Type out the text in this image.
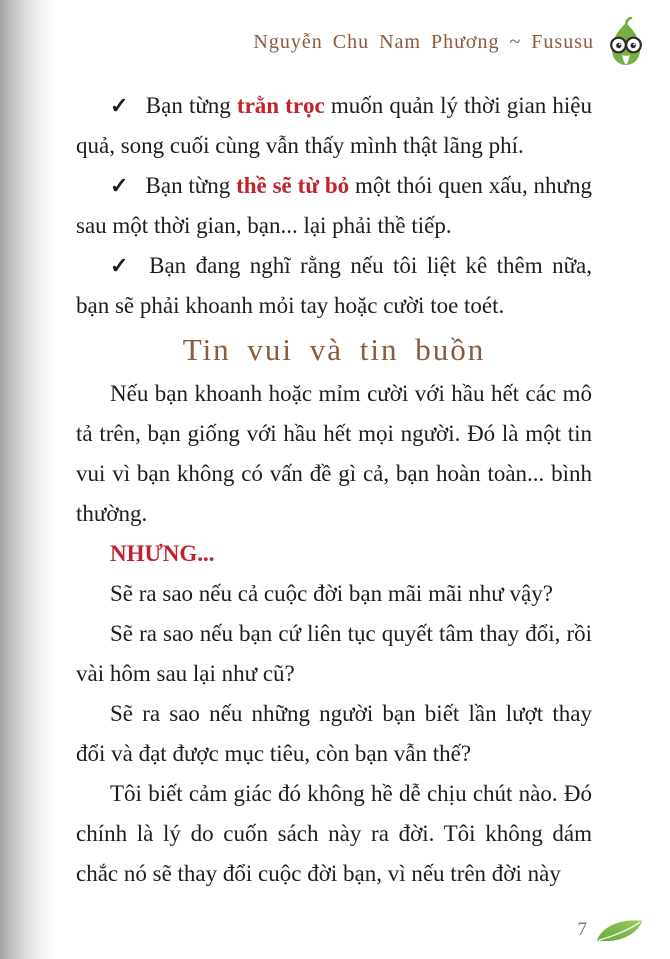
Nguyễn Chu Nam Phương ~ Fususu

✓ Bạn từng trằn trọc muốn quản lý thời gian hiệu quả, song cuối cùng vẫn thấy mình thật lãng phí.

✓ Bạn từng thề sẽ từ bỏ một thói quen xấu, nhưng sau một thời gian, bạn... lại phải thề tiếp.

✓ Bạn đang nghĩ rằng nếu tôi liệt kê thêm nữa, bạn sẽ phải khoanh mỏi tay hoặc cười toe toét.

Tin vui và tin buồn

Nếu bạn khoanh hoặc mỉm cười với hầu hết các mô tả trên, bạn giống với hầu hết mọi người. Đó là một tin vui vì bạn không có vấn đề gì cả, bạn hoàn toàn... bình thường.

NHƯNG...

Sẽ ra sao nếu cả cuộc đời bạn mãi mãi như vậy?

Sẽ ra sao nếu bạn cứ liên tục quyết tâm thay đổi, rồi vài hôm sau lại như cũ?

Sẽ ra sao nếu những người bạn biết lần lượt thay đổi và đạt được mục tiêu, còn bạn vẫn thế?

Tôi biết cảm giác đó không hề dễ chịu chút nào. Đó chính là lý do cuốn sách này ra đời. Tôi không dám chắc nó sẽ thay đổi cuộc đời bạn, vì nếu trên đời này

7
